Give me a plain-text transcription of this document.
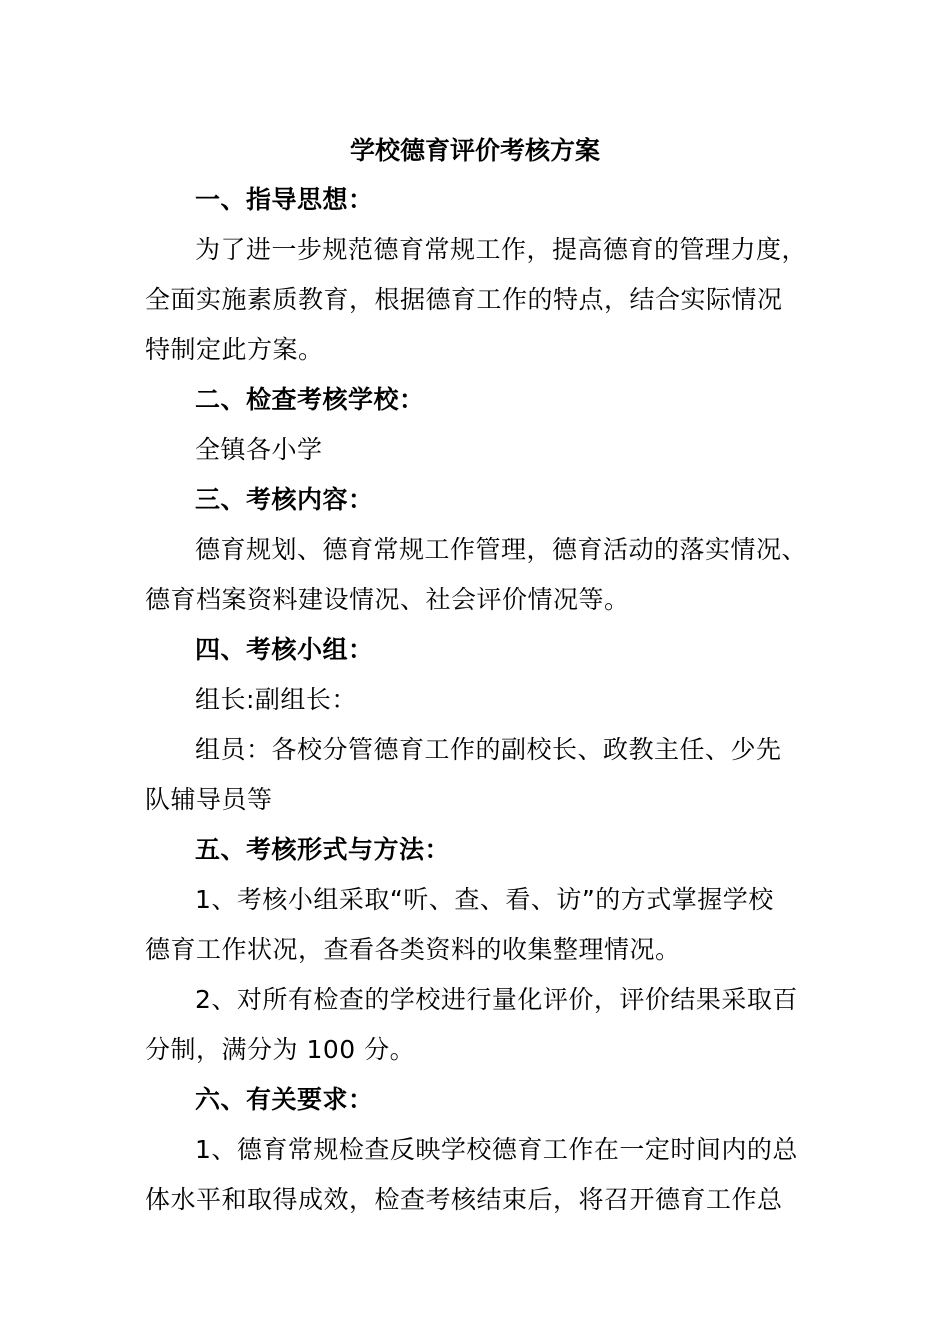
学校德育评价考核方案
一、指导思想：
为了进一步规范德育常规工作，提高德育的管理力度，
全面实施素质教育，根据德育工作的特点，结合实际情况
特制定此方案。
二、检查考核学校：
全镇各小学
三、考核内容：
德育规划、德育常规工作管理，德育活动的落实情况、
德育档案资料建设情况、社会评价情况等。
四、考核小组：
组长:副组长：
组员：各校分管德育工作的副校长、政教主任、少先
队辅导员等
五、考核形式与方法：
1、考核小组采取“听、查、看、访”的方式掌握学校
德育工作状况，查看各类资料的收集整理情况。
2、对所有检查的学校进行量化评价，评价结果采取百
分制，满分为 100 分。
六、有关要求：
1、德育常规检查反映学校德育工作在一定时间内的总
体水平和取得成效，检查考核结束后，将召开德育工作总
